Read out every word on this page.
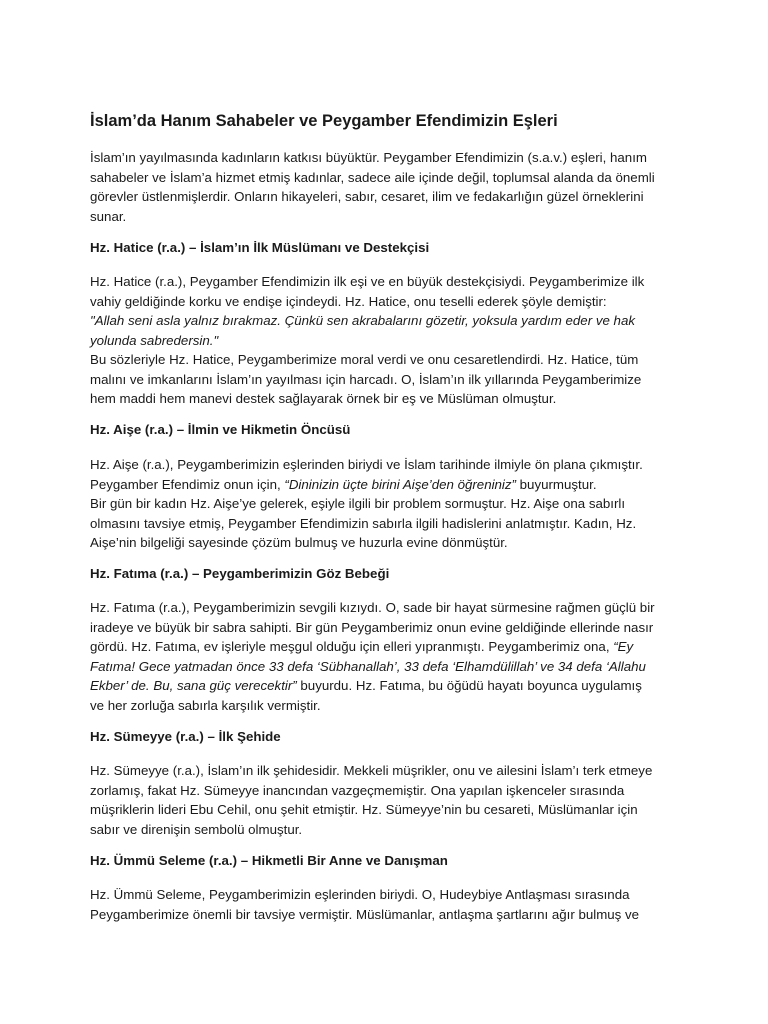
İslam’da Hanım Sahabeler ve Peygamber Efendimizin Eşleri

İslam’ın yayılmasında kadınların katkısı büyüktür. Peygamber Efendimizin (s.a.v.) eşleri, hanım

sahabeler ve İslam’a hizmet etmiş kadınlar, sadece aile içinde değil, toplumsal alanda da önemli

görevler üstlenmişlerdir. Onların hikayeleri, sabır, cesaret, ilim ve fedakarlığın güzel örneklerini

sunar.

Hz. Hatice (r.a.) – İslam’ın İlk Müslümanı ve Destekçisi

Hz. Hatice (r.a.), Peygamber Efendimizin ilk eşi ve en büyük destekçisiydi. Peygamberimize ilk

vahiy geldiğinde korku ve endişe içindeydi. Hz. Hatice, onu teselli ederek şöyle demiştir:

"Allah seni asla yalnız bırakmaz. Çünkü sen akrabalarını gözetir, yoksula yardım eder ve hak

yolunda sabredersin."

Bu sözleriyle Hz. Hatice, Peygamberimize moral verdi ve onu cesaretlendirdi. Hz. Hatice, tüm

malını ve imkanlarını İslam’ın yayılması için harcadı. O, İslam’ın ilk yıllarında Peygamberimize

hem maddi hem manevi destek sağlayarak örnek bir eş ve Müslüman olmuştur.

Hz. Aişe (r.a.) – İlmin ve Hikmetin Öncüsü

Hz. Aişe (r.a.), Peygamberimizin eşlerinden biriydi ve İslam tarihinde ilmiyle ön plana çıkmıştır.

Peygamber Efendimiz onun için, “Dininizin üçte birini Aişe’den öğreniniz” buyurmuştur.

Bir gün bir kadın Hz. Aişe’ye gelerek, eşiyle ilgili bir problem sormuştur. Hz. Aişe ona sabırlı

olmasını tavsiye etmiş, Peygamber Efendimizin sabırla ilgili hadislerini anlatmıştır. Kadın, Hz.

Aişe’nin bilgeliği sayesinde çözüm bulmuş ve huzurla evine dönmüştür.

Hz. Fatıma (r.a.) – Peygamberimizin Göz Bebeği

Hz. Fatıma (r.a.), Peygamberimizin sevgili kızıydı. O, sade bir hayat sürmesine rağmen güçlü bir

iradeye ve büyük bir sabra sahipti. Bir gün Peygamberimiz onun evine geldiğinde ellerinde nasır

gördü. Hz. Fatıma, ev işleriyle meşgul olduğu için elleri yıpranmıştı. Peygamberimiz ona, “Ey

Fatıma! Gece yatmadan önce 33 defa ‘Sübhanallah’, 33 defa ‘Elhamdülillah’ ve 34 defa ‘Allahu

Ekber’ de. Bu, sana güç verecektir” buyurdu. Hz. Fatıma, bu öğüdü hayatı boyunca uygulamış

ve her zorluğa sabırla karşılık vermiştir.

Hz. Sümeyye (r.a.) – İlk Şehide

Hz. Sümeyye (r.a.), İslam’ın ilk şehidesidir. Mekkeli müşrikler, onu ve ailesini İslam’ı terk etmeye

zorlamış, fakat Hz. Sümeyye inancından vazgeçmemiştir. Ona yapılan işkenceler sırasında

müşriklerin lideri Ebu Cehil, onu şehit etmiştir. Hz. Sümeyye’nin bu cesareti, Müslümanlar için

sabır ve direnişin sembolü olmuştur.

Hz. Ümmü Seleme (r.a.) – Hikmetli Bir Anne ve Danışman

Hz. Ümmü Seleme, Peygamberimizin eşlerinden biriydi. O, Hudeybiye Antlaşması sırasında

Peygamberimize önemli bir tavsiye vermiştir. Müslümanlar, antlaşma şartlarını ağır bulmuş ve
